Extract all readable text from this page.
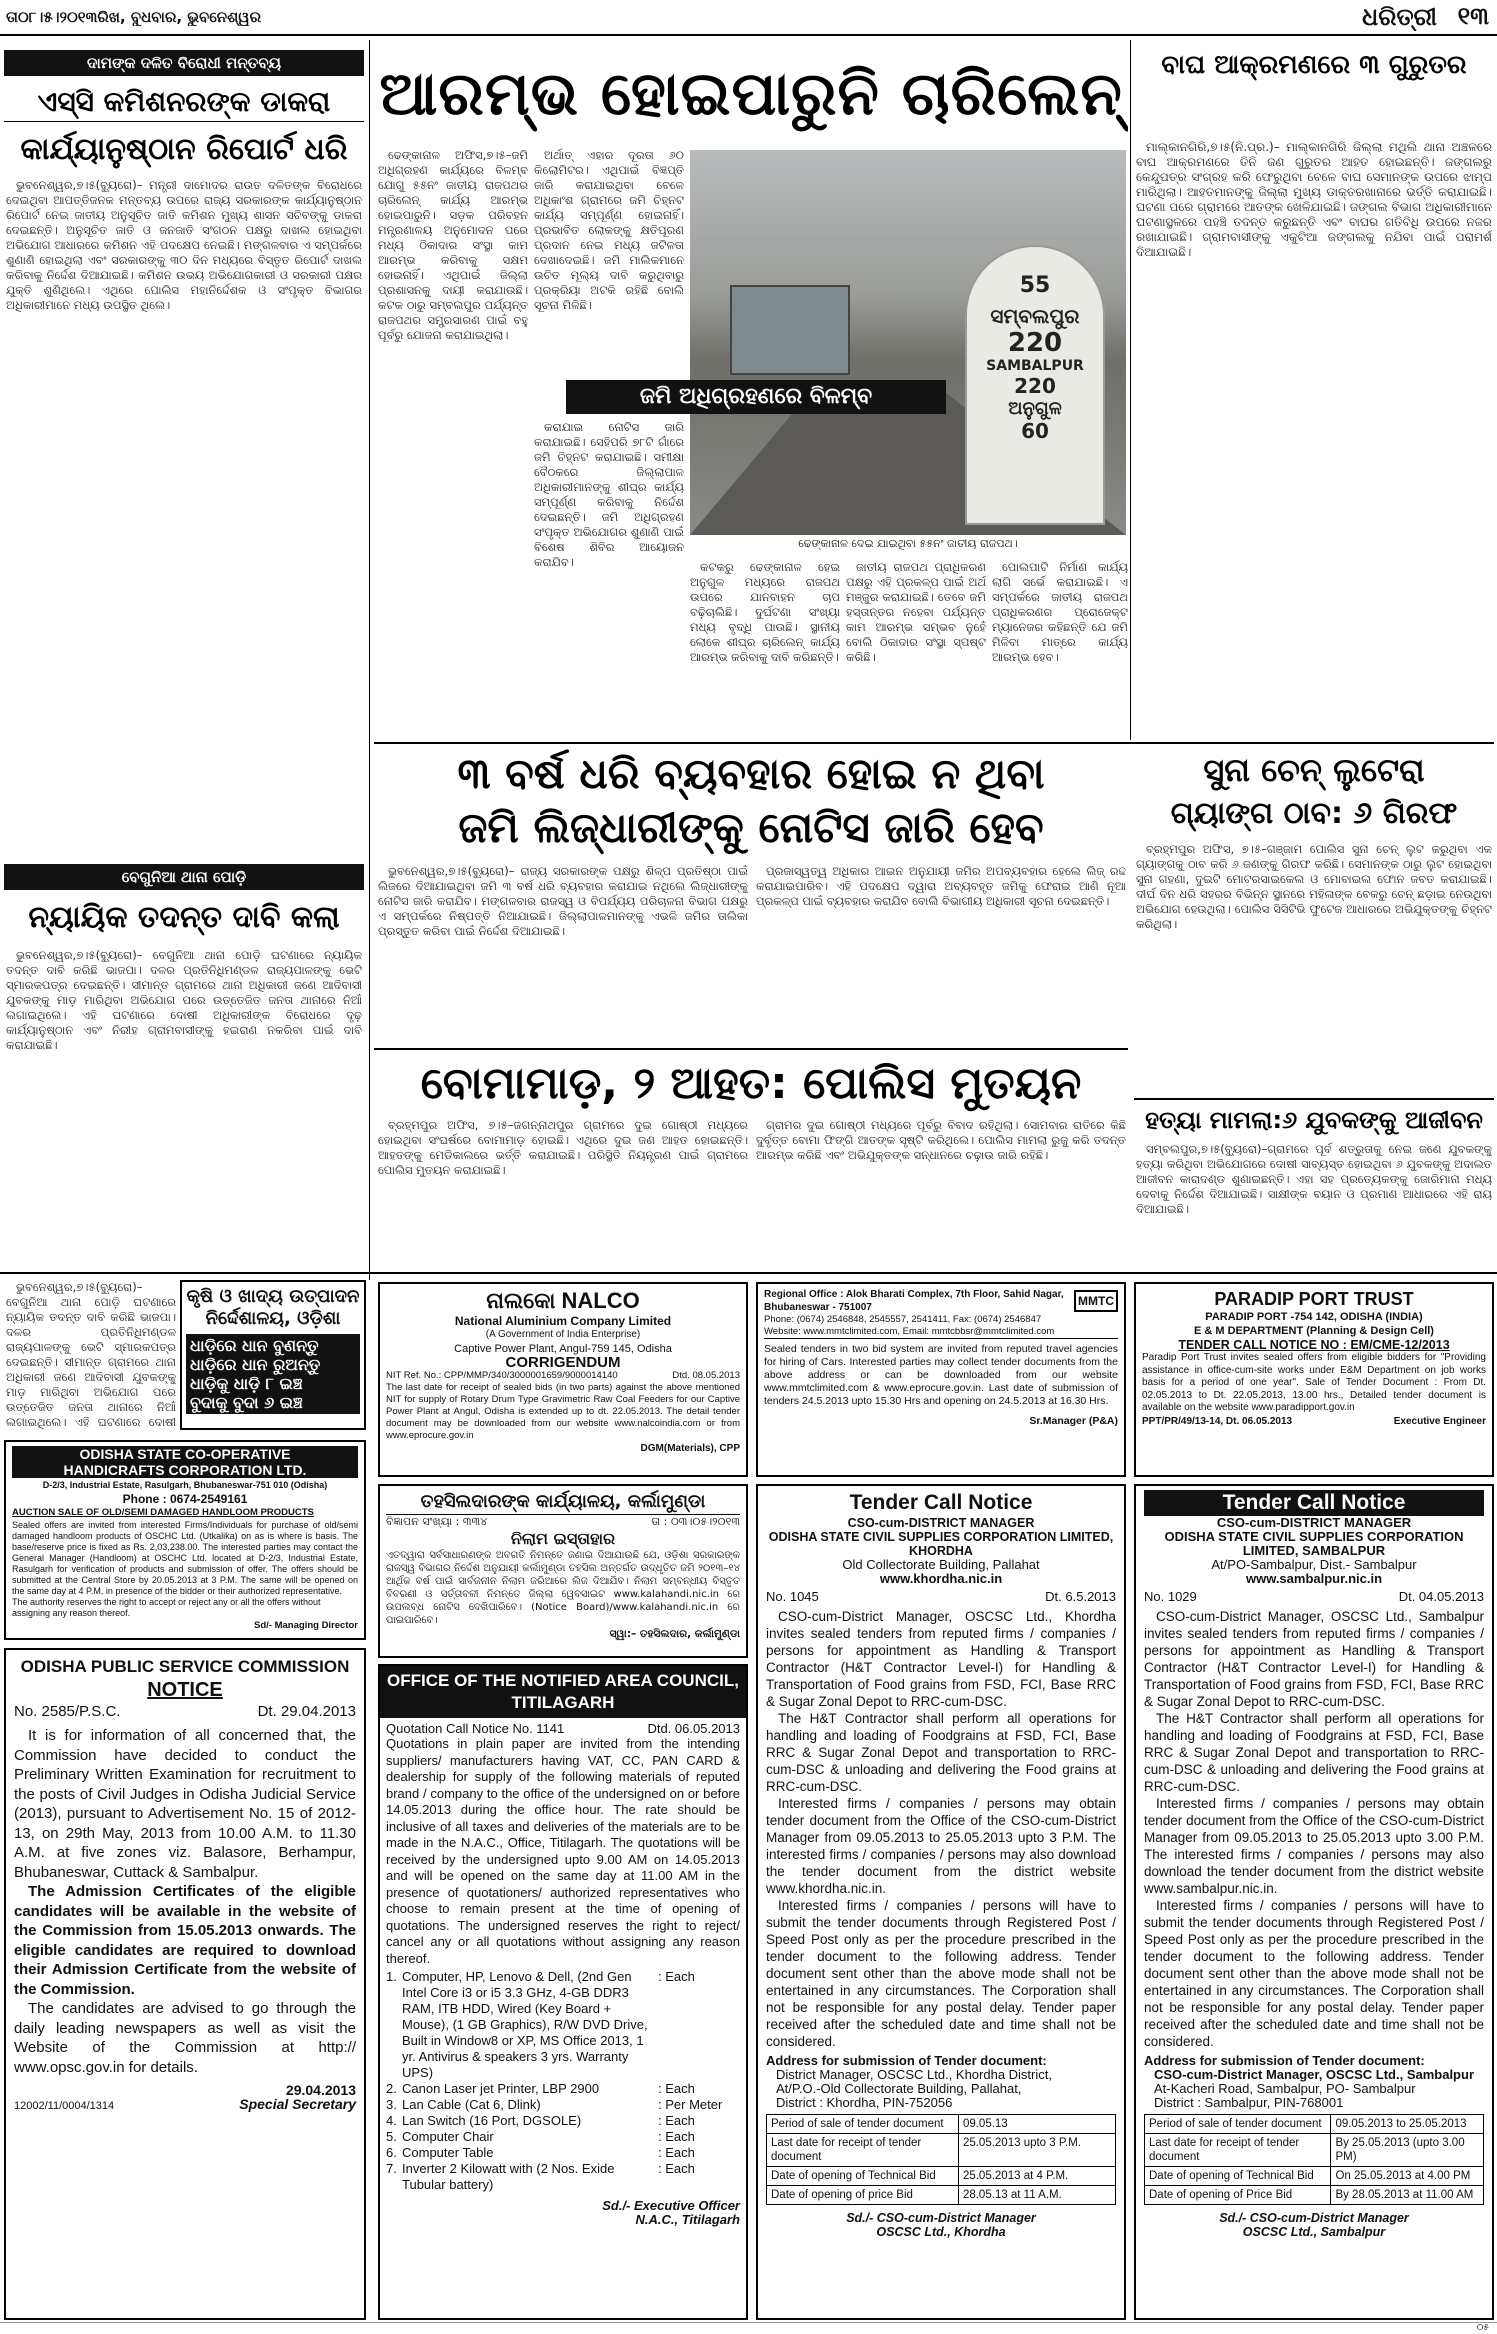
ତା୦୮।୫।୨୦୧୩ରିଖ, ବୁଧବାର, ଭୁବନେଶ୍ୱର	ଧରିତ୍ରୀ ୧୩
ଦାମଙ୍କ ଦଳିତ ବିରୋଧୀ ମନ୍ତବ୍ୟ
ଏସ୍‌ସି କମିଶନରଙ୍କ ଡାକରା
କାର୍ଯ୍ୟାନୁଷ୍ଠାନ ରିପୋର୍ଟ ଧରି

ଭୁବନେଶ୍ୱର,୭।୫(ବ୍ୟୁରୋ)– ମନ୍ତ୍ରୀ ଦାମୋଦର ରାଉତ ଦଳିତଙ୍କ ବିରୋଧରେ ଦେଇଥିବା ଆପତ୍ତିଜନକ ମନ୍ତବ୍ୟ ଉପରେ ରାଜ୍ୟ ସରକାରଙ୍କ କାର୍ଯ୍ୟାନୁଷ୍ଠାନ ରିପୋର୍ଟ ନେଇ ଜାତୀୟ ଅନୁସୂଚିତ ଜାତି କମିଶନ ମୁଖ୍ୟ ଶାସନ ସଚିବଙ୍କୁ ଡାକରା ଦେଇଛନ୍ତି। ଅନୁସୂଚିତ ଜାତି ଓ ଜନଜାତି ସଂଗଠନ ପକ୍ଷରୁ ଦାଖଲ ହୋଇଥିବା ଅଭିଯୋଗ ଆଧାରରେ କମିଶନ ଏହି ପଦକ୍ଷେପ ନେଇଛି। ମଙ୍ଗଳବାର ଏ ସମ୍ପର୍କରେ ଶୁଣାଣି ହୋଇଥିଲା ଏବଂ ସରକାରଙ୍କୁ ୩୦ ଦିନ ମଧ୍ୟରେ ବିସ୍ତୃତ ରିପୋର୍ଟ ଦାଖଲ କରିବାକୁ ନିର୍ଦ୍ଦେଶ ଦିଆଯାଇଛି। କମିଶନ ଉଭୟ ଅଭିଯୋଗକାରୀ ଓ ସରକାରୀ ପକ୍ଷର ଯୁକ୍ତି ଶୁଣିଥିଲେ। ଏଥିରେ ପୋଲିସ ମହାନିର୍ଦ୍ଦେଶକ ଓ ସଂପୃକ୍ତ ବିଭାଗର ଅଧିକାରୀମାନେ ମଧ୍ୟ ଉପସ୍ଥିତ ଥିଲେ।

ବେଗୁନିଆ ଥାନା ପୋଡ଼ି
ନ୍ୟାୟିକ ତଦନ୍ତ ଦାବି କଲା

ଭୁବନେଶ୍ୱର,୭।୫(ବ୍ୟୁରୋ)– ବେଗୁନିଆ ଥାନା ପୋଡ଼ି ଘଟଣାରେ ନ୍ୟାୟିକ ତଦନ୍ତ ଦାବି କରିଛି ଭାଜପା। ଦଳର ପ୍ରତିନିଧିମଣ୍ଡଳ ରାଜ୍ୟପାଳଙ୍କୁ ଭେଟି ସ୍ମାରକପତ୍ର ଦେଇଛନ୍ତି। ସୀମାନ୍ତ ଗ୍ରାମରେ ଥାନା ଅଧିକାରୀ ଜଣେ ଆଦିବାସୀ ଯୁବକଙ୍କୁ ମାଡ଼ ମାରିଥିବା ଅଭିଯୋଗ ପରେ ଉତ୍ତେଜିତ ଜନତା ଥାନାରେ ନିଆଁ ଲଗାଇଥିଲେ। ଏହି ଘଟଣାରେ ଦୋଷୀ ଅଧିକାରୀଙ୍କ ବିରୋଧରେ ଦୃଢ଼ କାର୍ଯ୍ୟାନୁଷ୍ଠାନ ଏବଂ ନିରୀହ ଗ୍ରାମବାସୀଙ୍କୁ ହଇରାଣ ନକରିବା ପାଇଁ ଦାବି କରାଯାଇଛି।

କୃଷି ଓ ଖାଦ୍ୟ ଉତ୍ପାଦନ
ନିର୍ଦ୍ଦେଶାଳୟ, ଓଡ଼ିଶା
ଧାଡ଼ିରେ ଧାନ ବୁଣନ୍ତୁ
ଧାଡ଼ିରେ ଧାନ ରୁଅନ୍ତୁ
ଧାଡ଼ିକୁ ଧାଡ଼ି ୮ ଇଞ୍ଚ
ବୁଦାକୁ ବୁଦା ୬ ଇଞ୍ଚ
ଆରମ୍ଭ ହୋଇପାରୁନି ଚାରିଲେନ୍‌

ଢେଙ୍କାନାଳ ଅଫିସ,୭।୫–ଜମି ଅଧିଗ୍ରହଣ କାର୍ଯ୍ୟରେ ବିଳମ୍ବ ଯୋଗୁ ୫୫ନଂ ଜାତୀୟ ରାଜପଥର ଚାରିଲେନ୍‌ କାର୍ଯ୍ୟ ଆରମ୍ଭ ହୋଇପାରୁନି। ସଡ଼କ ପରିବହନ ମନ୍ତ୍ରଣାଳୟ ଅନୁମୋଦନ ପରେ ମଧ୍ୟ ଠିକାଦାର ସଂସ୍ଥା କାମ ଆରମ୍ଭ କରିବାକୁ ସକ୍ଷମ ହୋଇନାହିଁ। ଏଥିପାଇଁ ଜିଲ୍ଲା ପ୍ରଶାସନକୁ ଦାୟୀ କରାଯାଉଛି। କଟକ ଠାରୁ ସମ୍ବଲପୁର ପର୍ଯ୍ୟନ୍ତ ରାଜପଥର ସମ୍ପ୍ରସାରଣ ପାଇଁ ବହୁ ପୂର୍ବରୁ ଯୋଜନା କରାଯାଇଥିଲା।

ଅର୍ଥାତ୍‌ ଏହାର ଦୂରତା ୬୦ କିଲୋମିଟର। ଏଥିପାଇଁ ବିଜ୍ଞପ୍ତି ଜାରି କରାଯାଇଥିବା ବେଳେ ଅଧିକାଂଶ ଗ୍ରାମରେ ଜମି ଚିହ୍ନଟ କାର୍ଯ୍ୟ ସମ୍ପୂର୍ଣ୍ଣ ହୋଇନାହିଁ। ପ୍ରଭାବିତ ଲୋକଙ୍କୁ କ୍ଷତିପୂରଣ ପ୍ରଦାନ ନେଇ ମଧ୍ୟ ଜଟିଳତା ଦେଖାଦେଇଛି। ଜମି ମାଲିକମାନେ ଉଚିତ ମୂଲ୍ୟ ଦାବି କରୁଥିବାରୁ ପ୍ରକ୍ରିୟା ଅଟକି ରହିଛି ବୋଲି ସୂଚନା ମିଳିଛି।

କରାଯାଇ ନୋଟିସ ଜାରି କରାଯାଇଛି। ସେହିପରି ୭୮ଟି ଗାଁରେ ଜମି ଚିହ୍ନଟ କରାଯାଇଛି। ସମୀକ୍ଷା ବୈଠକରେ ଜିଲ୍ଲାପାଳ ଅଧିକାରୀମାନଙ୍କୁ ଶୀଘ୍ର କାର୍ଯ୍ୟ ସମ୍ପୂର୍ଣ୍ଣ କରିବାକୁ ନିର୍ଦ୍ଦେଶ ଦେଇଛନ୍ତି। ଜମି ଅଧିଗ୍ରହଣ ସଂପୃକ୍ତ ଅଭିଯୋଗର ଶୁଣାଣି ପାଇଁ ବିଶେଷ ଶିବିର ଆୟୋଜନ କରାଯିବ।	କଟକରୁ ଢେଙ୍କାନାଳ ହେଇ ଅନୁଗୁଳ ମଧ୍ୟରେ ରାଜପଥ ଉପରେ ଯାନବାହନ ଚାପ ବଢ଼ିଚାଲିଛି। ଦୁର୍ଘଟଣା ସଂଖ୍ୟା ମଧ୍ୟ ବୃଦ୍ଧି ପାଉଛି। ସ୍ଥାନୀୟ ଲୋକେ ଶୀଘ୍ର ଚାରିଲେନ୍‌ କାର୍ଯ୍ୟ ଆରମ୍ଭ କରିବାକୁ ଦାବି କରିଛନ୍ତି।

ଜାତୀୟ ରାଜପଥ ପ୍ରାଧିକରଣ ପକ୍ଷରୁ ଏହି ପ୍ରକଳ୍ପ ପାଇଁ ଅର୍ଥ ମଞ୍ଜୁର କରାଯାଇଛି। ତେବେ ଜମି ହସ୍ତାନ୍ତର ନହେବା ପର୍ଯ୍ୟନ୍ତ କାମ ଆରମ୍ଭ ସମ୍ଭବ ନୁହେଁ ବୋଲି ଠିକାଦାର ସଂସ୍ଥା ସ୍ପଷ୍ଟ କରିଛି।

ପୋଲପାଟି ନିର୍ମାଣ କାର୍ଯ୍ୟ ଲାଗି ସର୍ଭେ କରାଯାଇଛି। ଏ ସମ୍ପର୍କରେ ଜାତୀୟ ରାଜପଥ ପ୍ରାଧିକରଣର ପ୍ରୋଜେକ୍ଟ ମ୍ୟାନେଜର କହିଛନ୍ତି ଯେ ଜମି ମିଳିବା ମାତ୍ରେ କାର୍ଯ୍ୟ ଆରମ୍ଭ ହେବ।

55
ସମ୍ବଲପୁର
220
SAMBALPUR
220
ଅନୁଗୁଳ
60
ଜମି ଅଧିଗ୍ରହଣରେ ବିଳମ୍ବ
ଢେଙ୍କାନାଳ ଦେଇ ଯାଇଥିବା ୫୫ନଂ ଜାତୀୟ ରାଜପଥ।
ବାଘ ଆକ୍ରମଣରେ ୩ ଗୁରୁତର

ମାଲ୍‌କାନଗିରି,୭।୫(ନି.ପ୍ର.)– ମାଲ୍‌କାନଗିରି ଜିଲ୍ଲା ମଥିଲି ଥାନା ଅଞ୍ଚଳରେ ବାଘ ଆକ୍ରମଣରେ ତିନି ଜଣ ଗୁରୁତର ଆହତ ହୋଇଛନ୍ତି। ଜଙ୍ଗଲରୁ କେନ୍ଦୁପତ୍ର ସଂଗ୍ରହ କରି ଫେରୁଥିବା ବେଳେ ବାଘ ସେମାନଙ୍କ ଉପରେ ଝାମ୍ପ ମାରିଥିଲା। ଆହତମାନଙ୍କୁ ଜିଲ୍ଲା ମୁଖ୍ୟ ଡାକ୍ତରଖାନାରେ ଭର୍ତ୍ତି କରାଯାଇଛି। ଘଟଣା ପରେ ଗ୍ରାମରେ ଆତଙ୍କ ଖେଳିଯାଇଛି। ଜଙ୍ଗଲ ବିଭାଗ ଅଧିକାରୀମାନେ ଘଟଣାସ୍ଥଳରେ ପହଞ୍ଚି ତଦନ୍ତ କରୁଛନ୍ତି ଏବଂ ବାଘର ଗତିବିଧି ଉପରେ ନଜର ରଖାଯାଇଛି। ଗ୍ରାମବାସୀଙ୍କୁ ଏକୁଟିଆ ଜଙ୍ଗଲକୁ ନଯିବା ପାଇଁ ପରାମର୍ଶ ଦିଆଯାଇଛି।

୩ ବର୍ଷ ଧରି ବ୍ୟବହାର ହୋଇ ନ ଥିବା
ଜମି ଲିଜ୍‌ଧାରୀଙ୍କୁ ନୋଟିସ ଜାରି ହେବ

ଭୁବନେଶ୍ୱର,୭।୫(ବ୍ୟୁରୋ)– ରାଜ୍ୟ ସରକାରଙ୍କ ପକ୍ଷରୁ ଶିଳ୍ପ ପ୍ରତିଷ୍ଠା ପାଇଁ ଲିଜରେ ଦିଆଯାଇଥିବା ଜମି ୩ ବର୍ଷ ଧରି ବ୍ୟବହାର କରାଯାଇ ନଥିଲେ ଲିଜ୍‌ଧାରୀଙ୍କୁ ନୋଟିସ ଜାରି କରାଯିବ। ମଙ୍ଗଳବାର ରାଜସ୍ୱ ଓ ବିପର୍ଯ୍ୟୟ ପରିଚାଳନା ବିଭାଗ ପକ୍ଷରୁ ଏ ସମ୍ପର୍କରେ ନିଷ୍ପତ୍ତି ନିଆଯାଇଛି। ଜିଲ୍ଲାପାଳମାନଙ୍କୁ ଏଭଳି ଜମିର ତାଲିକା ପ୍ରସ୍ତୁତ କରିବା ପାଇଁ ନିର୍ଦ୍ଦେଶ ଦିଆଯାଇଛି।

ପ୍ରଜାସ୍ୱତ୍ୱ ଅଧିକାର ଆଇନ ଅନୁଯାୟୀ ଜମିର ଅପବ୍ୟବହାର ହେଲେ ଲିଜ୍‌ ରଦ୍ଦ କରାଯାଇପାରିବ। ଏହି ପଦକ୍ଷେପ ଦ୍ୱାରା ଅବ୍ୟବହୃତ ଜମିକୁ ଫେରାଇ ଆଣି ନୂଆ ପ୍ରକଳ୍ପ ପାଇଁ ବ୍ୟବହାର କରାଯିବ ବୋଲି ବିଭାଗୀୟ ଅଧିକାରୀ ସୂଚନା ଦେଇଛନ୍ତି।

ସୁନା ଚେନ୍‌ ଲୁଟେରା
ଗ୍ୟାଙ୍ଗ ଠାବ: ୬ ଗିରଫ

ବ୍ରହ୍ମପୁର ଅଫିସ, ୭।୫–ଗଞ୍ଜାମ ପୋଲିସ ସୁନା ଚେନ୍‌ ଲୁଟ କରୁଥିବା ଏକ ଗ୍ୟାଙ୍ଗକୁ ଠାବ କରି ୬ ଜଣଙ୍କୁ ଗିରଫ କରିଛି। ସେମାନଙ୍କ ଠାରୁ ଲୁଟ ହୋଇଥିବା ସୁନା ଗହଣା, ଦୁଇଟି ମୋଟରସାଇକେଲ ଓ ମୋବାଇଲ ଫୋନ ଜବତ କରାଯାଇଛି। ଦୀର୍ଘ ଦିନ ଧରି ସହରର ବିଭିନ୍ନ ସ୍ଥାନରେ ମହିଳାଙ୍କ ବେକରୁ ଚେନ୍‌ ଛଡ଼ାଇ ନେଉଥିବା ଅଭିଯୋଗ ହେଉଥିଲା। ପୋଲିସ ସିସିଟିଭି ଫୁଟେଜ ଆଧାରରେ ଅଭିଯୁକ୍ତଙ୍କୁ ଚିହ୍ନଟ କରିଥିଲା।

ହତ୍ୟା ମାମଲା:୬ ଯୁବକଙ୍କୁ ଆଜୀବନ

ସମ୍ବଲପୁର,୭।୫(ବ୍ୟୁରୋ)–ଗ୍ରାମରେ ପୂର୍ବ ଶତ୍ରୁତାକୁ ନେଇ ଜଣେ ଯୁବକଙ୍କୁ ହତ୍ୟା କରିଥିବା ଅଭିଯୋଗରେ ଦୋଷୀ ସାବ୍ୟସ୍ତ ହୋଇଥିବା ୬ ଯୁବକଙ୍କୁ ଅଦାଲତ ଆଜୀବନ କାରାଦଣ୍ଡ ଶୁଣାଇଛନ୍ତି। ଏହା ସହ ପ୍ରତ୍ୟେକଙ୍କୁ ଜୋରିମାନା ମଧ୍ୟ ଦେବାକୁ ନିର୍ଦ୍ଦେଶ ଦିଆଯାଇଛି। ସାକ୍ଷୀଙ୍କ ବୟାନ ଓ ପ୍ରମାଣ ଆଧାରରେ ଏହି ରାୟ ଦିଆଯାଇଛି।

ବୋମାମାଡ଼, ୨ ଆହତ: ପୋଲିସ ମୁତୟନ

ବ୍ରହ୍ମପୁର ଅଫିସ, ୭।୫–ଜଗନ୍ନାଥପୁର ଗ୍ରାମରେ ଦୁଇ ଗୋଷ୍ଠୀ ମଧ୍ୟରେ ହୋଇଥିବା ସଂଘର୍ଷରେ ବୋମାମାଡ଼ ହୋଇଛି। ଏଥିରେ ଦୁଇ ଜଣ ଆହତ ହୋଇଛନ୍ତି। ଆହତଙ୍କୁ ମେଡିକାଲରେ ଭର୍ତ୍ତି କରାଯାଇଛି। ପରିସ୍ଥିତି ନିୟନ୍ତ୍ରଣ ପାଇଁ ଗ୍ରାମରେ ପୋଲିସ ମୁତୟନ କରାଯାଇଛି।

ଗ୍ରାମର ଦୁଇ ଗୋଷ୍ଠୀ ମଧ୍ୟରେ ପୂର୍ବରୁ ବିବାଦ ରହିଥିଲା। ସୋମବାର ରାତିରେ କିଛି ଦୁର୍ବୃତ୍ତ ବୋମା ଫିଙ୍ଗି ଆତଙ୍କ ସୃଷ୍ଟି କରିଥିଲେ। ପୋଲିସ ମାମଲା ରୁଜୁ କରି ତଦନ୍ତ ଆରମ୍ଭ କରିଛି ଏବଂ ଅଭିଯୁକ୍ତଙ୍କ ସନ୍ଧାନରେ ଚଢ଼ାଉ ଜାରି ରହିଛି।

ନାଲକୋ NALCO
National Aluminium Company Limited
(A Government of India Enterprise)
Captive Power Plant, Angul-759 145, Odisha
CORRIGENDUM
NIT Ref. No.: CPP/MMP/340/3000001659/9000014140	Dtd. 08.05.2013
The last date for receipt of sealed bids (in two parts) against the above mentioned NIT for supply of Rotary Drum Type Gravimetric Raw Coal Feeders for our Captive Power Plant at Angul, Odisha is extended up to dt. 22.05.2013. The detail tender document may be downloaded from our website www.nalcoindia.com or from www.eprocure.gov.in
DGM(Materials), CPP
Regional Office : Alok Bharati Complex, 7th Floor, Sahid Nagar, Bhubaneswar - 751007	MMTC
Phone: (0674) 2546848, 2545557, 2541411, Fax: (0674) 2546847
Website: www.mmtclimited.com, Email: mmtcbbsr@mmtclimited.com
Sealed tenders in two bid system are invited from reputed travel agencies for hiring of Cars. Interested parties may collect tender documents from the above address or can be downloaded from our website www.mmtclimited.com & www.eprocure.gov.in. Last date of submission of tenders 24.5.2013 upto 15.30 Hrs and opening on 24.5.2013 at 16.30 Hrs.
Sr.Manager (P&A)
PARADIP PORT TRUST
PARADIP PORT -754 142, ODISHA (INDIA)
E & M DEPARTMENT (Planning & Design Cell)
TENDER CALL NOTICE NO : EM/CME-12/2013
Paradip Port Trust invites sealed offers from eligible bidders for "Providing assistance in office-cum-site works under E&M Department on job works basis for a period of one year". Sale of Tender Document : From Dt. 02.05.2013 to Dt. 22.05.2013, 13.00 hrs., Detailed tender document is available on the website www.paradipport.gov.in
PPT/PR/49/13-14, Dt. 06.05.2013	Executive Engineer

ଭୁବନେଶ୍ୱର,୭।୫(ବ୍ୟୁରୋ)– ବେଗୁନିଆ ଥାନା ପୋଡ଼ି ଘଟଣାରେ ନ୍ୟାୟିକ ତଦନ୍ତ ଦାବି କରିଛି ଭାଜପା। ଦଳର ପ୍ରତିନିଧିମଣ୍ଡଳ ରାଜ୍ୟପାଳଙ୍କୁ ଭେଟି ସ୍ମାରକପତ୍ର ଦେଇଛନ୍ତି। ସୀମାନ୍ତ ଗ୍ରାମରେ ଥାନା ଅଧିକାରୀ ଜଣେ ଆଦିବାସୀ ଯୁବକଙ୍କୁ ମାଡ଼ ମାରିଥିବା ଅଭିଯୋଗ ପରେ ଉତ୍ତେଜିତ ଜନତା ଥାନାରେ ନିଆଁ ଲଗାଇଥିଲେ। ଏହି ଘଟଣାରେ ଦୋଷୀ

ODISHA STATE CO-OPERATIVE
HANDICRAFTS CORPORATION LTD.
D-2/3, Industrial Estate, Rasulgarh, Bhubaneswar-751 010 (Odisha)
Phone : 0674-2549161
AUCTION SALE OF OLD/SEMI DAMAGED HANDLOOM PRODUCTS
Sealed offers are invited from interested Firms/Individuals for purchase of old/semi damaged handloom products of OSCHC Ltd. (Utkalika) on as is where is basis. The base/reserve price is fixed as Rs. 2,03,238.00. The interested parties may contact the General Manager (Handloom) at OSCHC Ltd. located at D-2/3, Industrial Estate, Rasulgarh for verification of products and submission of offer. The offers should be submitted at the Central Store by 20.05.2013 at 3 P.M. The same will be opened on the same day at 4 P.M. in presence of the bidder or their authorized representative.
The authority reserves the right to accept or reject any or all the offers without assigning any reason thereof.
Sd/- Managing Director
ODISHA PUBLIC SERVICE COMMISSION
NOTICE
No. 2585/P.S.C.	Dt. 29.04.2013
It is for information of all concerned that, the Commission have decided to conduct the Preliminary Written Examination for recruitment to the posts of Civil Judges in Odisha Judicial Service (2013), pursuant to Advertisement No. 15 of 2012-13, on 29th May, 2013 from 10.00 A.M. to 11.30 A.M. at five zones viz. Balasore, Berhampur, Bhubaneswar, Cuttack & Sambalpur.
The Admission Certificates of the eligible candidates will be available in the website of the Commission from 15.05.2013 onwards. The eligible candidates are required to download their Admission Certificate from the website of the Commission.
The candidates are advised to go through the daily leading newspapers as well as visit the Website of the Commission at http:// www.opsc.gov.in for details.
29.04.2013
12002/11/0004/1314	Special Secretary
ତହସିଲଦାରଙ୍କ କାର୍ଯ୍ୟାଳୟ, କର୍ଲାମୁଣ୍ଡା
ବିଜ୍ଞାପନ ସଂଖ୍ୟା : ୩୩୪	ତା : ୦୩।୦୫।୨୦୧୩
ନିଲାମ ଇସ୍ତାହାର
ଏତଦ୍ୱାରା ସର୍ବସାଧାରଣଙ୍କ ଅବଗତି ନିମନ୍ତେ ଜଣାଇ ଦିଆଯାଉଛି ଯେ, ଓଡ଼ିଶା ସରକାରଙ୍କ ରାଜସ୍ୱ ବିଭାଗର ନିର୍ଦ୍ଦେଶ ଅନୁଯାୟୀ କର୍ଲାମୁଣ୍ଡା ତହସିଲ ଅନ୍ତର୍ଗତ ଉଦ୍ଧୃତିତ ଜମି ୨୦୧୩–୧୪ ଆର୍ଥିକ ବର୍ଷ ପାଇଁ ସାର୍ବଜନୀନ ନିଲାମ ଜରିଆରେ ଲିଜ ଦିଆଯିବ। ନିଲାମ ସମ୍ବନ୍ଧୀୟ ବିସ୍ତୃତ ବିବରଣୀ ଓ ସର୍ତ୍ତାବଳୀ ନିମନ୍ତେ ଜିଲ୍ଲା ୱେବସାଇଟ www.kalahandi.nic.in ରେ ଉପଲବ୍ଧ ନୋଟିସ ଦେଖିପାରିବେ। (Notice Board)/www.kalahandi.nic.in ରେ ପାଇପାରିବେ।
ସ୍ୱା:– ତହସିଲଦାର, କର୍ଲାମୁଣ୍ଡା
OFFICE OF THE NOTIFIED AREA COUNCIL, TITILAGARH
Quotation Call Notice No. 1141	Dtd. 06.05.2013
Quotations in plain paper are invited from the intending suppliers/ manufacturers having VAT, CC, PAN CARD & dealership for supply of the following materials of reputed brand / company to the office of the undersigned on or before 14.05.2013 during the office hour. The rate should be inclusive of all taxes and deliveries of the materials are to be made in the N.A.C., Office, Titilagarh. The quotations will be received by the undersigned upto 9.00 AM on 14.05.2013 and will be opened on the same day at 11.00 AM in the presence of quotationers/ authorized representatives who choose to remain present at the time of opening of quotations. The undersigned reserves the right to reject/ cancel any or all quotations without assigning any reason thereof.
1. Computer, HP, Lenovo & Dell, (2nd Gen Intel Core i3 or i5 3.3 GHz, 4-GB DDR3 RAM, ITB HDD, Wired (Key Board + Mouse), (1 GB Graphics), R/W DVD Drive, Built in Window8 or XP, MS Office 2013, 1 yr. Antivirus & speakers 3 yrs. Warranty UPS)
: Each
2. Canon Laser jet Printer, LBP 2900	: Each
3. Lan Cable (Cat 6, Dlink)	: Per Meter
4. Lan Switch (16 Port, DGSOLE)	: Each
5. Computer Chair	: Each
6. Computer Table	: Each
7. Inverter 2 Kilowatt with (2 Nos. Exide Tubular battery)
: Each
Sd./- Executive Officer
N.A.C., Titilagarh
Tender Call Notice
CSO-cum-DISTRICT MANAGER
ODISHA STATE CIVIL SUPPLIES CORPORATION LIMITED, KHORDHA
Old Collectorate Building, Pallahat
www.khordha.nic.in
No. 1045	Dt. 6.5.2013
CSO-cum-District Manager, OSCSC Ltd., Khordha invites sealed tenders from reputed firms / companies / persons for appointment as Handling & Transport Contractor (H&T Contractor Level-I) for Handling & Transportation of Food grains from FSD, FCI, Base RRC & Sugar Zonal Depot to RRC-cum-DSC.
The H&T Contractor shall perform all operations for handling and loading of Foodgrains at FSD, FCI, Base RRC & Sugar Zonal Depot and transportation to RRC-cum-DSC & unloading and delivering the Food grains at RRC-cum-DSC.
Interested firms / companies / persons may obtain tender document from the Office of the CSO-cum-District Manager from 09.05.2013 to 25.05.2013 upto 3 P.M. The interested firms / companies / persons may also download the tender document from the district website www.khordha.nic.in.
Interested firms / companies / persons will have to submit the tender documents through Registered Post / Speed Post only as per the procedure prescribed in the tender document to the following address. Tender document sent other than the above mode shall not be entertained in any circumstances. The Corporation shall not be responsible for any postal delay. Tender paper received after the scheduled date and time shall not be considered.
Address for submission of Tender document:
District Manager, OSCSC Ltd., Khordha District,
At/P.O.-Old Collectorate Building, Pallahat,
District : Khordha, PIN-752056
Period of sale of tender document	09.05.13
Last date for receipt of tender document	25.05.2013 upto 3 P.M.
Date of opening of Technical Bid	25.05.2013 at 4 P.M.
Date of opening of price Bid	28.05.13 at 11 A.M.
Sd./- CSO-cum-District Manager
OSCSC Ltd., Khordha
Tender Call Notice
CSO-cum-DISTRICT MANAGER
ODISHA STATE CIVIL SUPPLIES CORPORATION LIMITED, SAMBALPUR
At/PO-Sambalpur, Dist.- Sambalpur
www.sambalpur.nic.in
No. 1029	Dt. 04.05.2013
CSO-cum-District Manager, OSCSC Ltd., Sambalpur invites sealed tenders from reputed firms / companies / persons for appointment as Handling & Transport Contractor (H&T Contractor Level-I) for Handling & Transportation of Food grains from FSD, FCI, Base RRC & Sugar Zonal Depot to RRC-cum-DSC.
The H&T Contractor shall perform all operations for handling and loading of Foodgrains at FSD, FCI, Base RRC & Sugar Zonal Depot and transportation to RRC-cum-DSC & unloading and delivering the Food grains at RRC-cum-DSC.
Interested firms / companies / persons may obtain tender document from the Office of the CSO-cum-District Manager from 09.05.2013 to 25.05.2013 upto 3.00 P.M. The interested firms / companies / persons may also download the tender document from the district website www.sambalpur.nic.in.
Interested firms / companies / persons will have to submit the tender documents through Registered Post / Speed Post only as per the procedure prescribed in the tender document to the following address. Tender document sent other than the above mode shall not be entertained in any circumstances. The Corporation shall not be responsible for any postal delay. Tender paper received after the scheduled date and time shall not be considered.
Address for submission of Tender document:
CSO-cum-District Manager, OSCSC Ltd., Sambalpur
At-Kacheri Road, Sambalpur, PO- Sambalpur
District : Sambalpur, PIN-768001
Period of sale of tender document	09.05.2013 to 25.05.2013
Last date for receipt of tender document	By 25.05.2013 (upto 3.00 PM)
Date of opening of Technical Bid	On 25.05.2013 at 4.00 PM
Date of opening of Price Bid	By 28.05.2013 at 11.00 AM
Sd./- CSO-cum-District Manager
OSCSC Ltd., Sambalpur
୦୫
